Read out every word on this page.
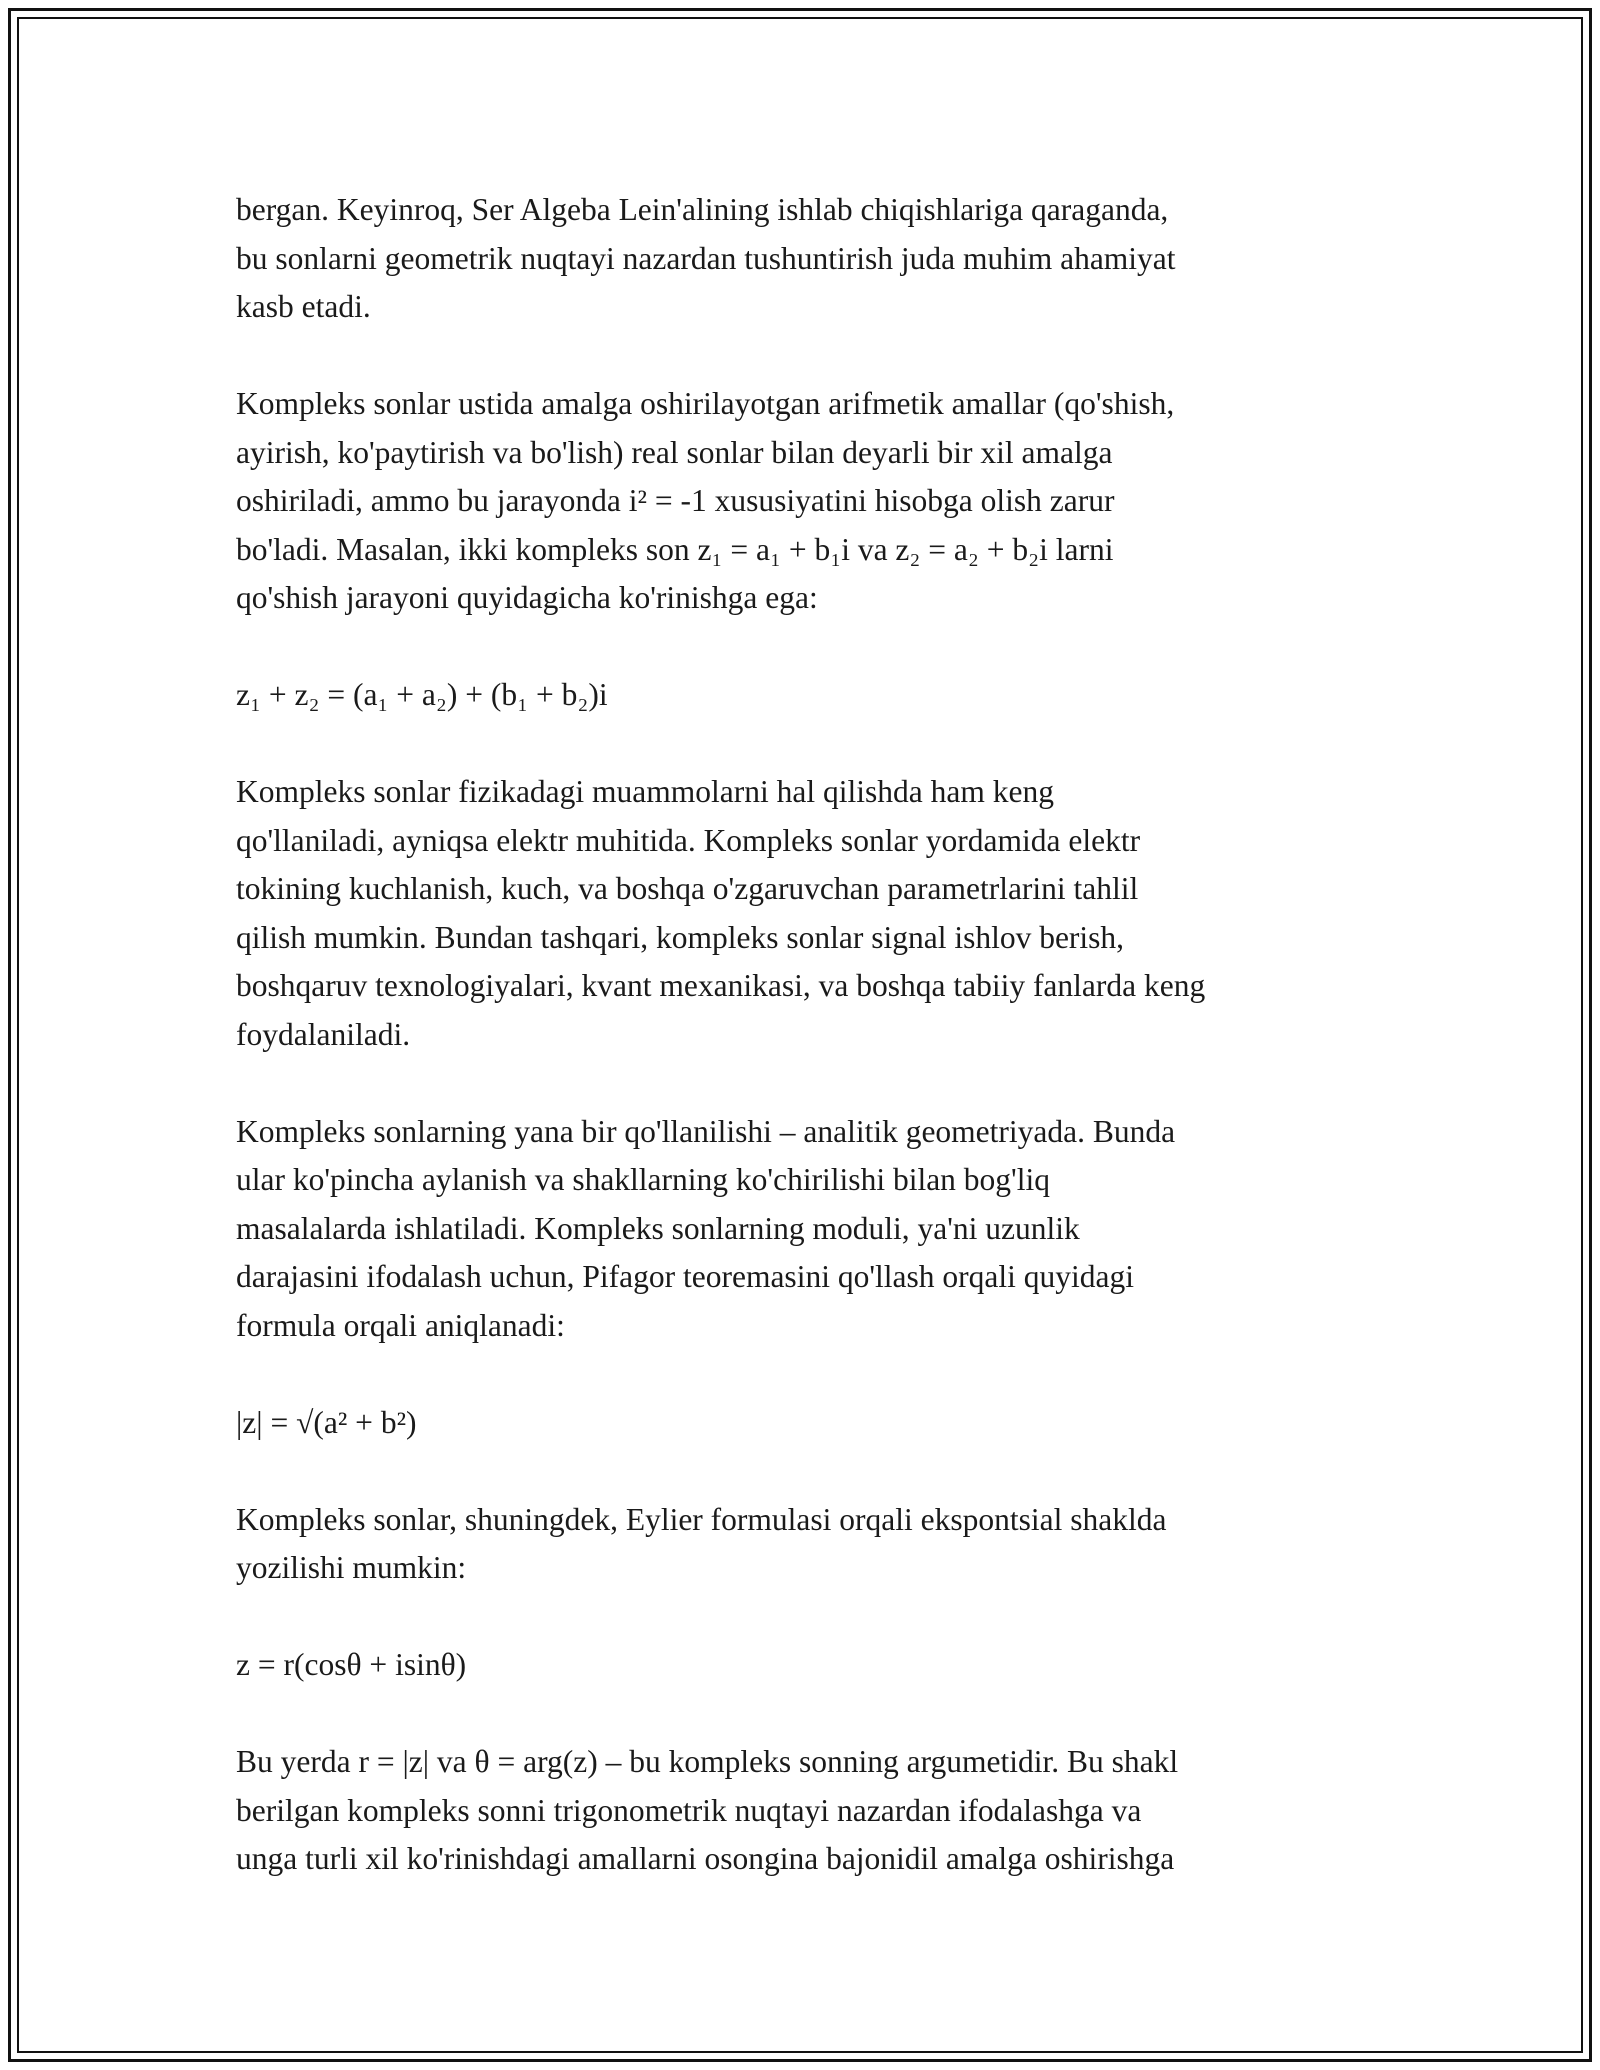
bergan. Keyinroq, Ser Algeba Lein'alining ishlab chiqishlariga qaraganda,
bu sonlarni geometrik nuqtayi nazardan tushuntirish juda muhim ahamiyat
kasb etadi.

Kompleks sonlar ustida amalga oshirilayotgan arifmetik amallar (qo'shish,
ayirish, ko'paytirish va bo'lish) real sonlar bilan deyarli bir xil amalga
oshiriladi, ammo bu jarayonda i² = -1 xususiyatini hisobga olish zarur
bo'ladi. Masalan, ikki kompleks son z₁ = a₁ + b₁i va z₂ = a₂ + b₂i larni
qo'shish jarayoni quyidagicha ko'rinishga ega:

z₁ + z₂ = (a₁ + a₂) + (b₁ + b₂)i

Kompleks sonlar fizikadagi muammolarni hal qilishda ham keng
qo'llaniladi, ayniqsa elektr muhitida. Kompleks sonlar yordamida elektr
tokining kuchlanish, kuch, va boshqa o'zgaruvchan parametrlarini tahlil
qilish mumkin. Bundan tashqari, kompleks sonlar signal ishlov berish,
boshqaruv texnologiyalari, kvant mexanikasi, va boshqa tabiiy fanlarda keng
foydalaniladi.

Kompleks sonlarning yana bir qo'llanilishi – analitik geometriyada. Bunda
ular ko'pincha aylanish va shakllarning ko'chirilishi bilan bog'liq
masalalarda ishlatiladi. Kompleks sonlarning moduli, ya'ni uzunlik
darajasini ifodalash uchun, Pifagor teoremasini qo'llash orqali quyidagi
formula orqali aniqlanadi:

|z| = √(a² + b²)

Kompleks sonlar, shuningdek, Eylier formulasi orqali ekspontsial shaklda
yozilishi mumkin:

z = r(cosθ + isinθ)

Bu yerda r = |z| va θ = arg(z) – bu kompleks sonning argumetidir. Bu shakl
berilgan kompleks sonni trigonometrik nuqtayi nazardan ifodalashga va
unga turli xil ko'rinishdagi amallarni osongina bajonidil amalga oshirishga
